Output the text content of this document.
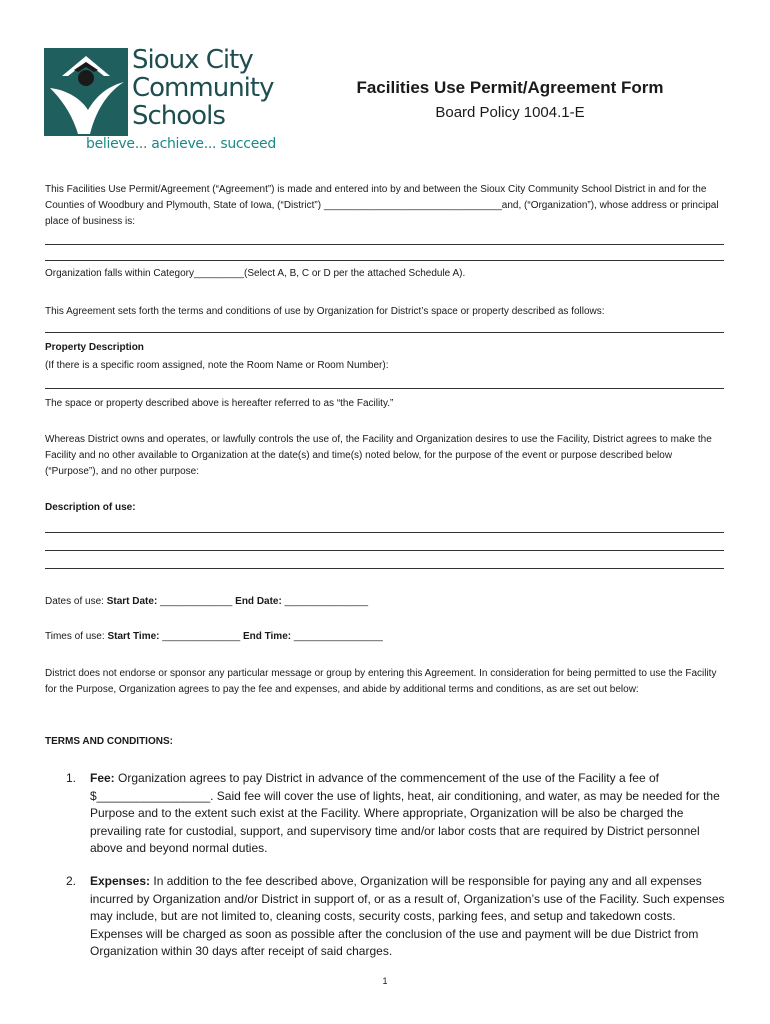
Sioux City
Community
Schools
believe... achieve... succeed
Facilities Use Permit/Agreement Form
Board Policy 1004.1-E
This Facilities Use Permit/Agreement (“Agreement”) is made and entered into by and between the Sioux City Community School District in and for the Counties of Woodbury and Plymouth, State of Iowa, (“District”) ________________________________and, (“Organization”), whose address or principal place of business is:
Organization falls within Category_________(Select A, B, C or D per the attached Schedule A).
This Agreement sets forth the terms and conditions of use by Organization for District’s space or property described as follows:
Property Description
(If there is a specific room assigned, note the Room Name or Room Number):
The space or property described above is hereafter referred to as “the Facility.”
Whereas District owns and operates, or lawfully controls the use of, the Facility and Organization desires to use the Facility, District agrees to make the Facility and no other available to Organization at the date(s) and time(s) noted below, for the purpose of the event or purpose described below (“Purpose”), and no other purpose:
Description of use:
Dates of use: Start Date: _____________ End Date: _______________
Times of use: Start Time: ______________ End Time: ________________
District does not endorse or sponsor any particular message or group by entering this Agreement. In consideration for being permitted to use the Facility for the Purpose, Organization agrees to pay the fee and expenses, and abide by additional terms and conditions, as are set out below:
TERMS AND CONDITIONS:
1. Fee: Organization agrees to pay District in advance of the commencement of the use of the Facility a fee of $_________________. Said fee will cover the use of lights, heat, air conditioning, and water, as may be needed for the Purpose and to the extent such exist at the Facility. Where appropriate, Organization will be also be charged the prevailing rate for custodial, support, and supervisory time and/or labor costs that are required by District personnel above and beyond normal duties.
2. Expenses: In addition to the fee described above, Organization will be responsible for paying any and all expenses incurred by Organization and/or District in support of, or as a result of, Organization’s use of the Facility. Such expenses may include, but are not limited to, cleaning costs, security costs, parking fees, and setup and takedown costs. Expenses will be charged as soon as possible after the conclusion of the use and payment will be due District from Organization within 30 days after receipt of said charges.
1
